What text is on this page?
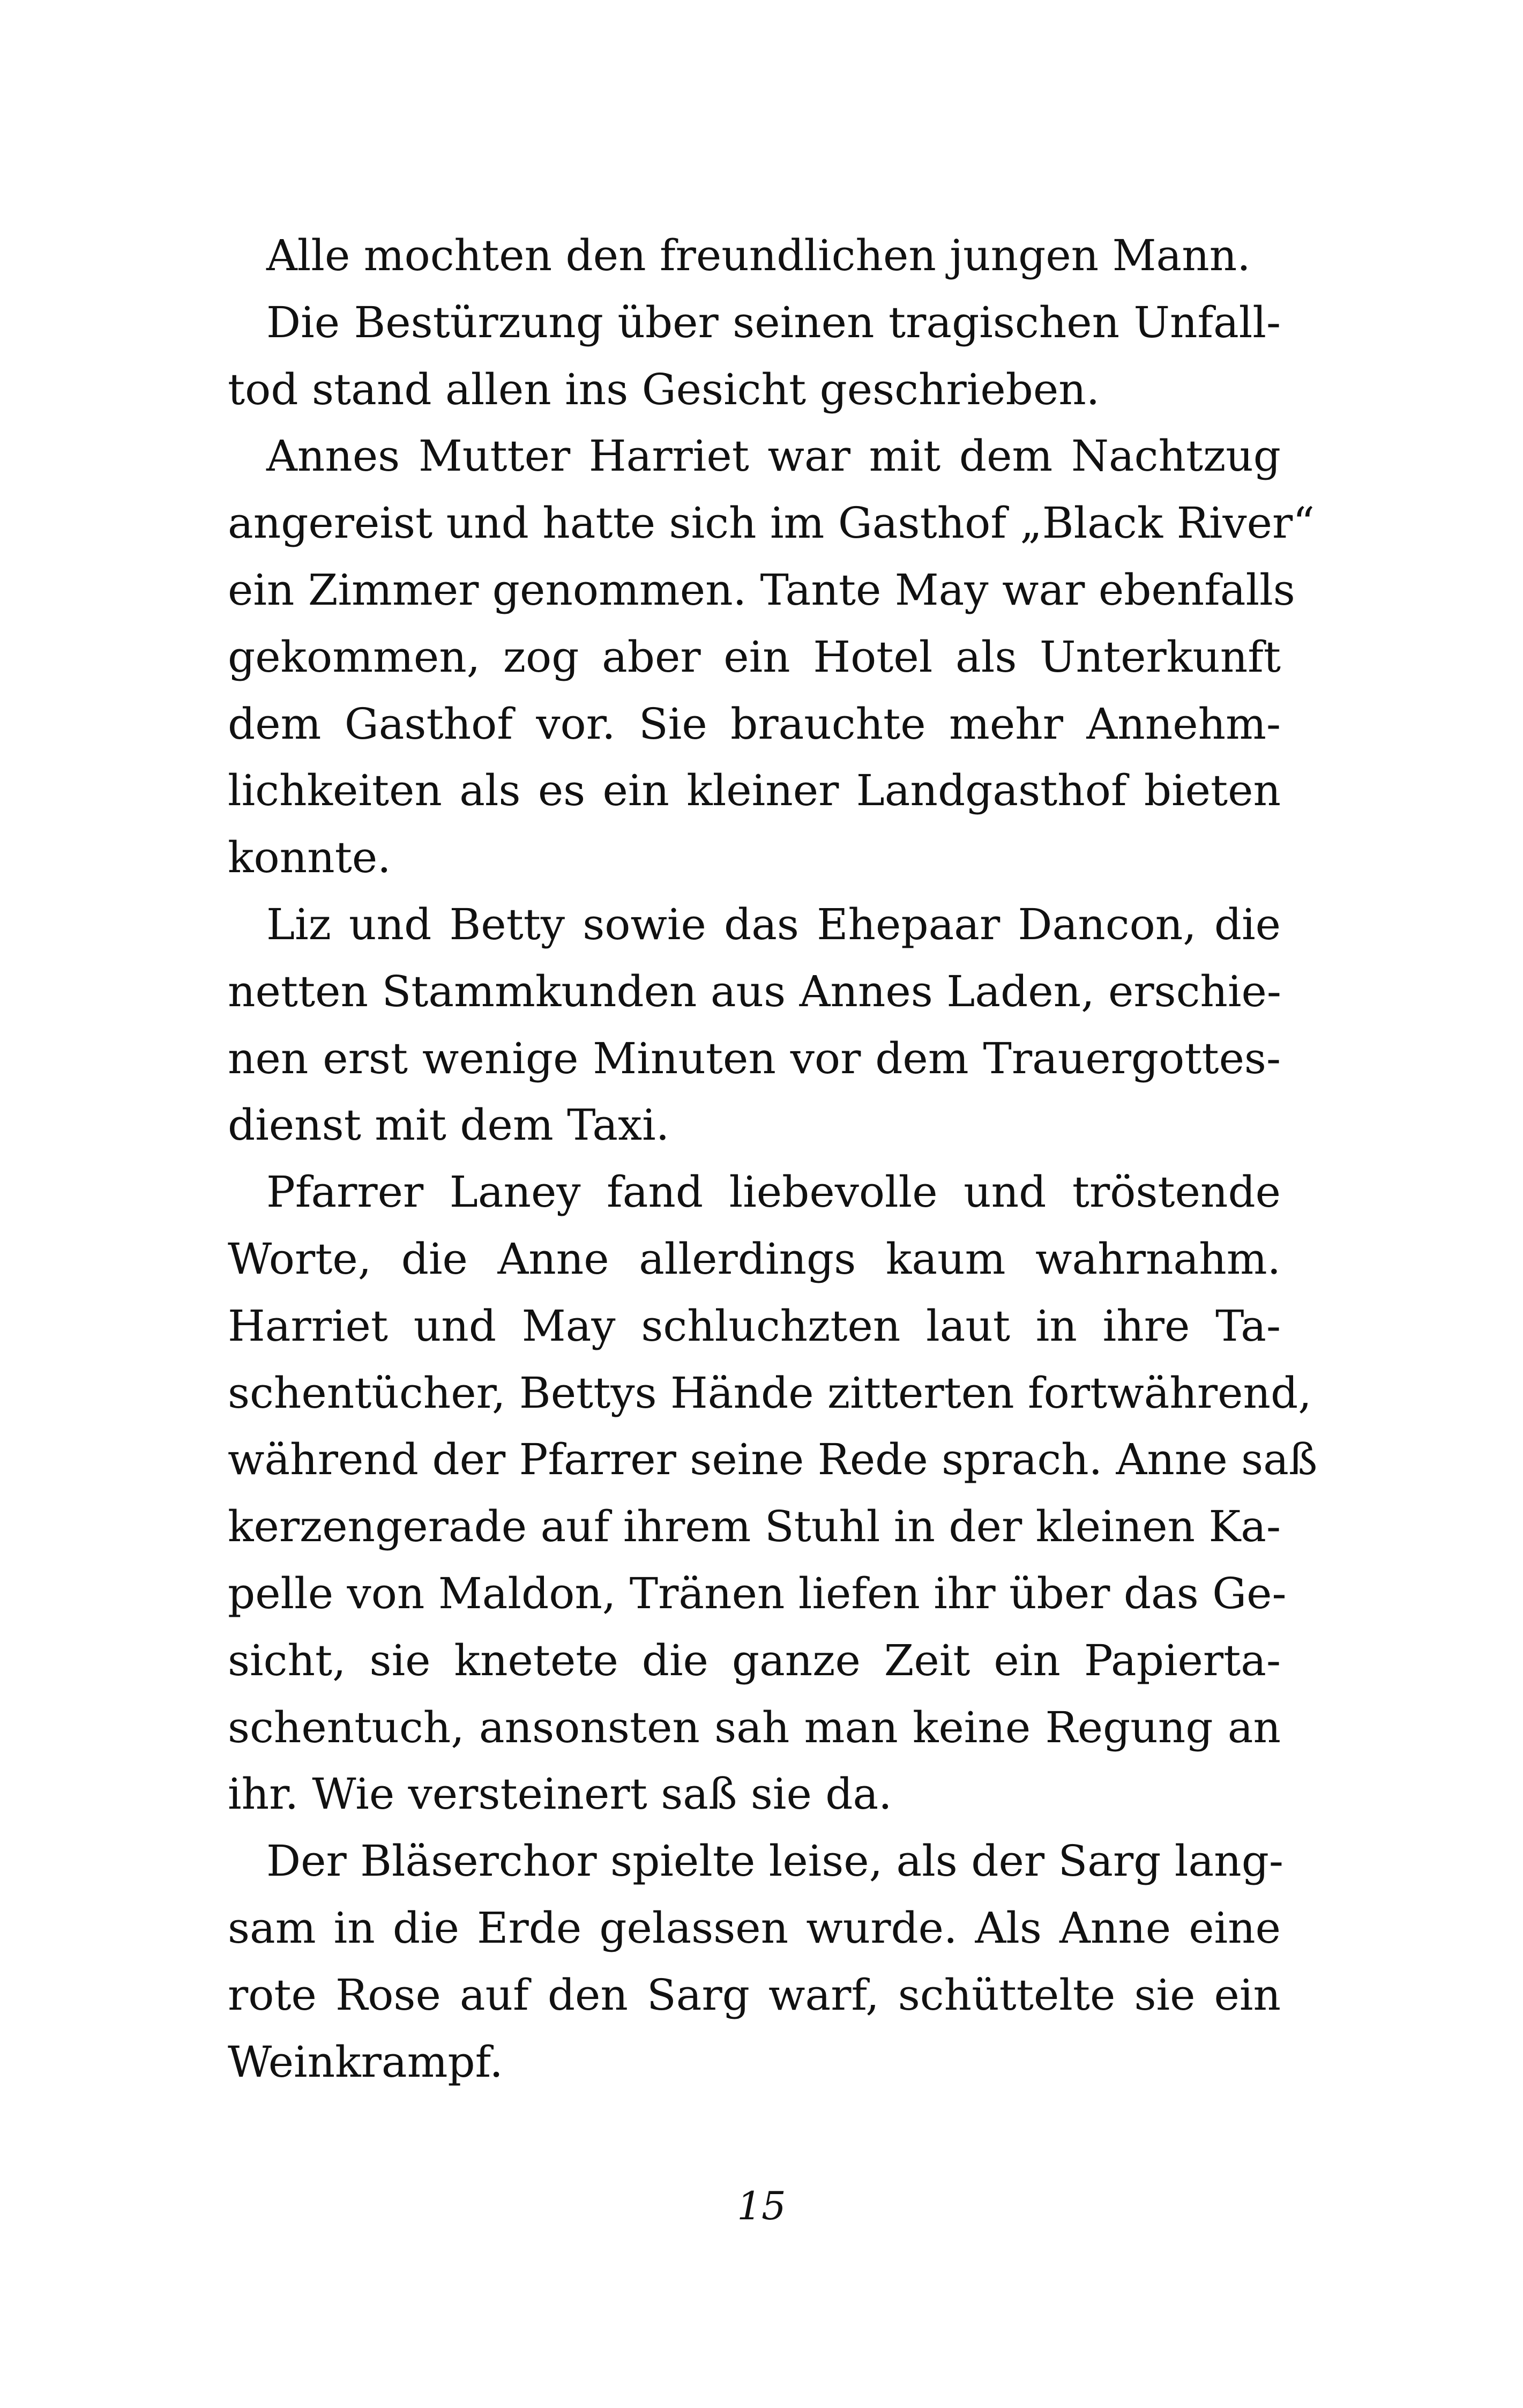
Alle mochten den freundlichen jungen Mann.
Die Bestürzung über seinen tragischen Unfall-
tod stand allen ins Gesicht geschrieben.
Annes Mutter Harriet war mit dem Nachtzug
angereist und hatte sich im Gasthof „Black River“
ein Zimmer genommen. Tante May war ebenfalls
gekommen, zog aber ein Hotel als Unterkunft
dem Gasthof vor. Sie brauchte mehr Annehm-
lichkeiten als es ein kleiner Landgasthof bieten
konnte.
Liz und Betty sowie das Ehepaar Dancon, die
netten Stammkunden aus Annes Laden, erschie-
nen erst wenige Minuten vor dem Trauergottes-
dienst mit dem Taxi.
Pfarrer Laney fand liebevolle und tröstende
Worte, die Anne allerdings kaum wahrnahm.
Harriet und May schluchzten laut in ihre Ta-
schentücher, Bettys Hände zitterten fortwährend,
während der Pfarrer seine Rede sprach. Anne saß
kerzengerade auf ihrem Stuhl in der kleinen Ka-
pelle von Maldon, Tränen liefen ihr über das Ge-
sicht, sie knetete die ganze Zeit ein Papierta-
schentuch, ansonsten sah man keine Regung an
ihr. Wie versteinert saß sie da.
Der Bläserchor spielte leise, als der Sarg lang-
sam in die Erde gelassen wurde. Als Anne eine
rote Rose auf den Sarg warf, schüttelte sie ein
Weinkrampf.
15
